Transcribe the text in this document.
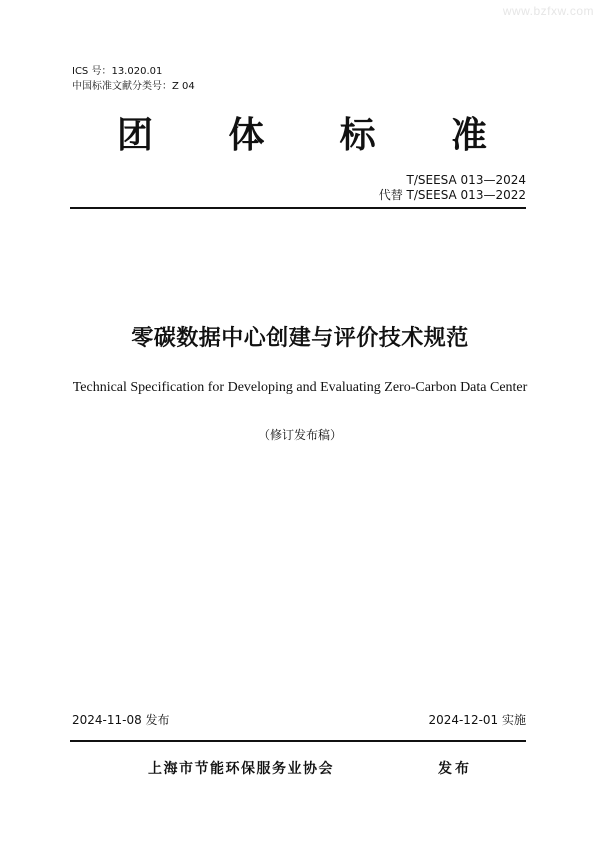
www.bzfxw.com
ICS 号：13.020.01
中国标准文献分类号：Z 04
团 体 标 准
T/SEESA 013—2024
代替 T/SEESA 013—2022
零碳数据中心创建与评价技术规范
Technical Specification for Developing and Evaluating Zero-Carbon Data Center
（修订发布稿）
2024-11-08 发布	2024-12-01 实施
上海市节能环保服务业协会	发布
